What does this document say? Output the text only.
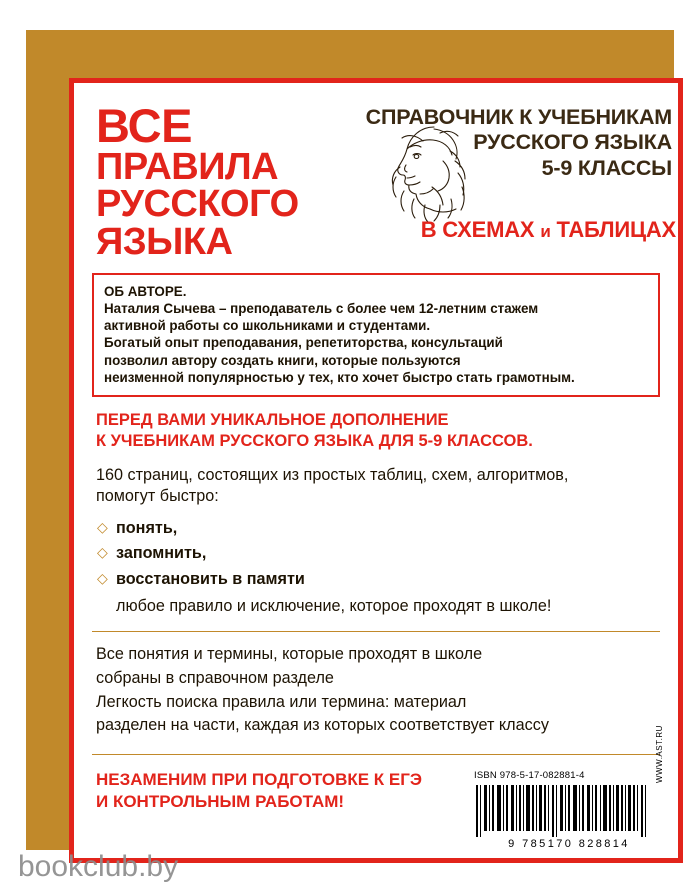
ВСЕ
ПРАВИЛА
РУССКОГО
ЯЗЫКА
СПРАВОЧНИК К УЧЕБНИКАМ
РУССКОГО ЯЗЫКА
5-9 КЛАССЫ
В СХЕМАХ и ТАБЛИЦАХ

ОБ АВТОРЕ.

Наталия Сычева – преподаватель с более чем 12-летним стажем

активной работы со школьниками и студентами.

Богатый опыт преподавания, репетиторства, консультаций

позволил автору создать книги, которые пользуются

неизменной популярностью у тех, кто хочет быстро стать грамотным.

ПЕРЕД ВАМИ УНИКАЛЬНОЕ ДОПОЛНЕНИЕ
К УЧЕБНИКАМ РУССКОГО ЯЗЫКА ДЛЯ 5-9 КЛАССОВ.
160 страниц, состоящих из простых таблиц, схем, алгоритмов,
помогут быстро:
◇ понять,
◇ запомнить,
◇ восстановить в памяти
любое правило и исключение, которое проходят в школе!
Все понятия и термины, которые проходят в школе
собраны в справочном разделе
Легкость поиска правила или термина: материал
разделен на части, каждая из которых соответствует классу
НЕЗАМЕНИМ ПРИ ПОДГОТОВКЕ К ЕГЭ
И КОНТРОЛЬНЫМ РАБОТАМ!
ISBN 978-5-17-082881-4	WWW.AST.RU
9 785170 828814
bookclub.by
